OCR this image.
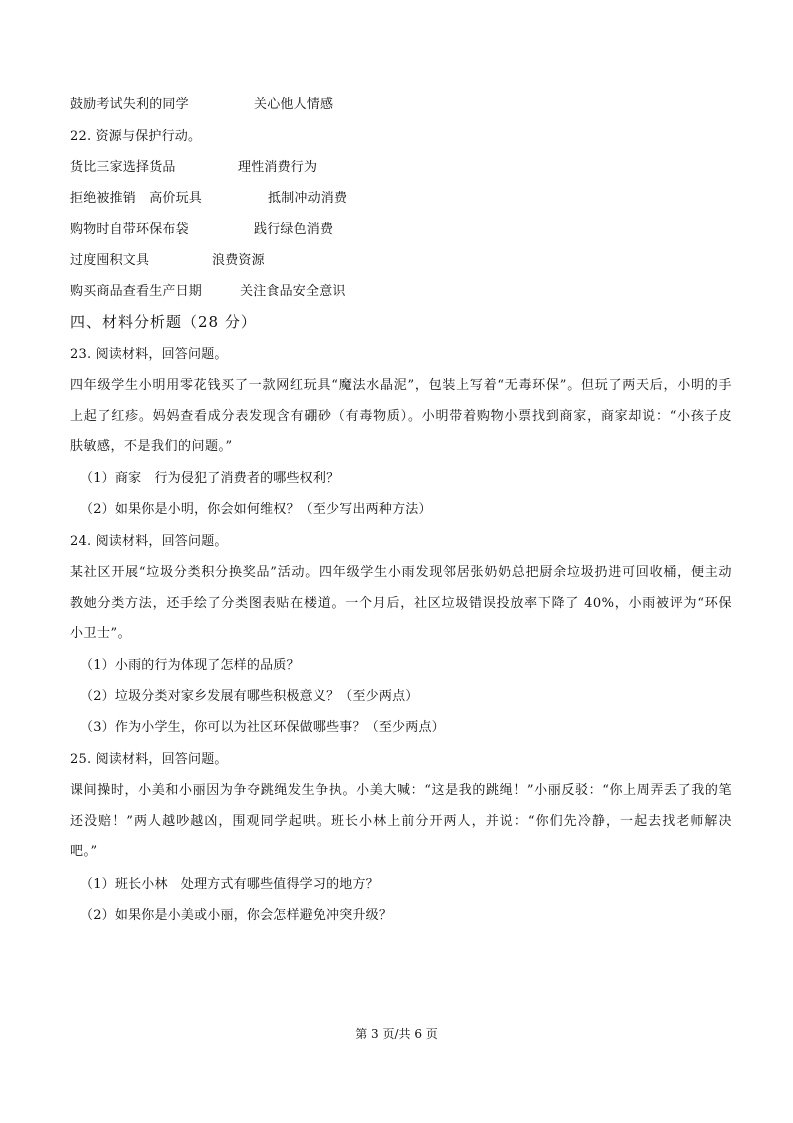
鼓励考试失利的同学	关心他人情感
22. 资源与保护行动。
货比三家选择货品	理性消费行为
拒绝被推销　高价玩具	抵制冲动消费
购物时自带环保布袋	践行绿色消费
过度囤积文具	浪费资源
购买商品查看生产日期	关注食品安全意识
四、材料分析题（28 分）
23. 阅读材料，回答问题。
四年级学生小明用零花钱买了一款网红玩具“魔法水晶泥”，包装上写着“无毒环保”。但玩了两天后，小明的手上起了红疹。妈妈查看成分表发现含有硼砂（有毒物质）。小明带着购物小票找到商家，商家却说：“小孩子皮肤敏感，不是我们的问题。”
（1）商家　行为侵犯了消费者的哪些权利？
（2）如果你是小明，你会如何维权？（至少写出两种方法）
24. 阅读材料，回答问题。
某社区开展“垃圾分类积分换奖品”活动。四年级学生小雨发现邻居张奶奶总把厨余垃圾扔进可回收桶，便主动教她分类方法，还手绘了分类图表贴在楼道。一个月后，社区垃圾错误投放率下降了 40%，小雨被评为“环保小卫士”。
（1）小雨的行为体现了怎样的品质？
（2）垃圾分类对家乡发展有哪些积极意义？（至少两点）
（3）作为小学生，你可以为社区环保做哪些事？（至少两点）
25. 阅读材料，回答问题。
课间操时，小美和小丽因为争夺跳绳发生争执。小美大喊：“这是我的跳绳！”小丽反驳：“你上周弄丢了我的笔还没赔！”两人越吵越凶，围观同学起哄。班长小林上前分开两人，并说：“你们先冷静，一起去找老师解决吧。”
（1）班长小林　处理方式有哪些值得学习的地方？
（2）如果你是小美或小丽，你会怎样避免冲突升级？
第 3 页/共 6 页
